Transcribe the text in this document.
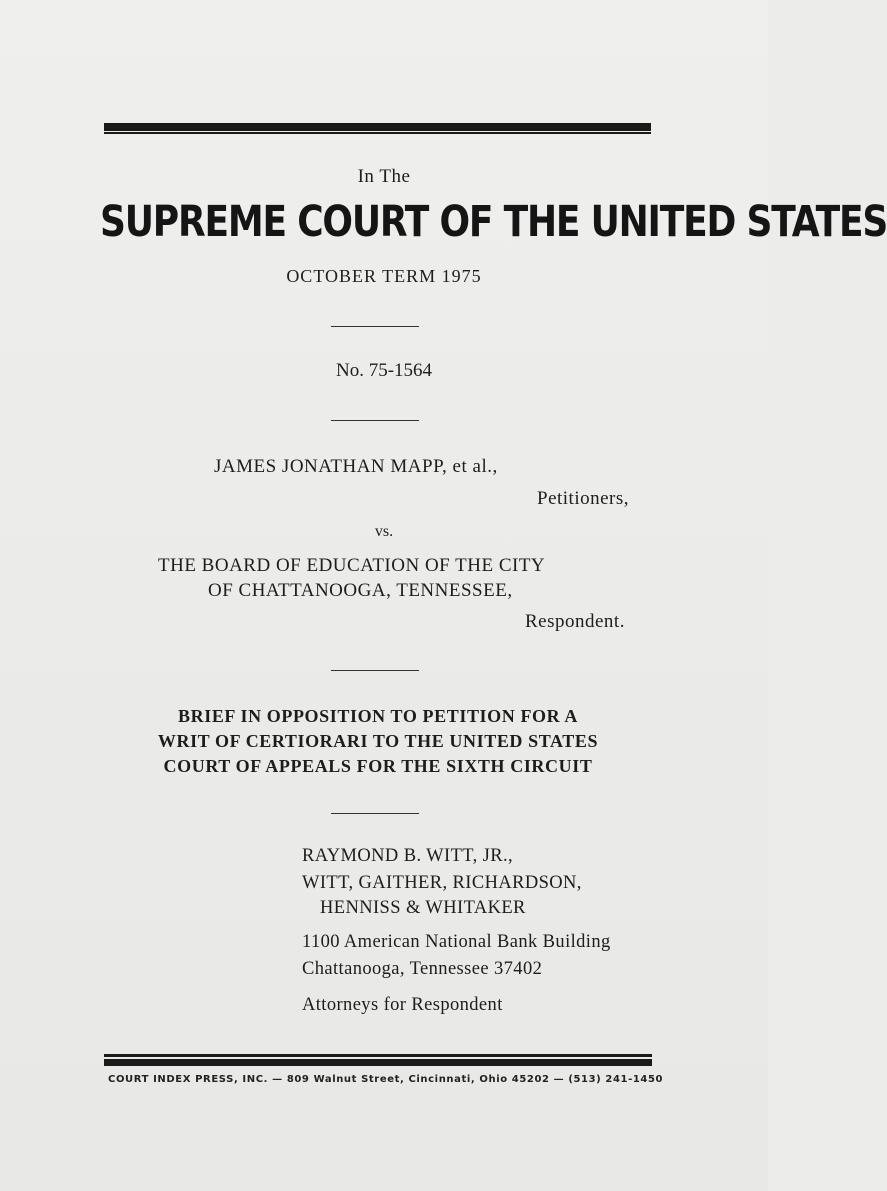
In The
SUPREME COURT OF THE UNITED STATES
OCTOBER TERM 1975
No. 75-1564
JAMES JONATHAN MAPP, et al.,
Petitioners,
vs.
THE BOARD OF EDUCATION OF THE CITY
OF CHATTANOOGA, TENNESSEE,
Respondent.
BRIEF IN OPPOSITION TO PETITION FOR A
WRIT OF CERTIORARI TO THE UNITED STATES
COURT OF APPEALS FOR THE SIXTH CIRCUIT
RAYMOND B. WITT, JR.,
WITT, GAITHER, RICHARDSON,
HENNISS & WHITAKER
1100 American National Bank Building
Chattanooga, Tennessee 37402
Attorneys for Respondent
COURT INDEX PRESS, INC. — 809 Walnut Street, Cincinnati, Ohio 45202 — (513) 241-1450
